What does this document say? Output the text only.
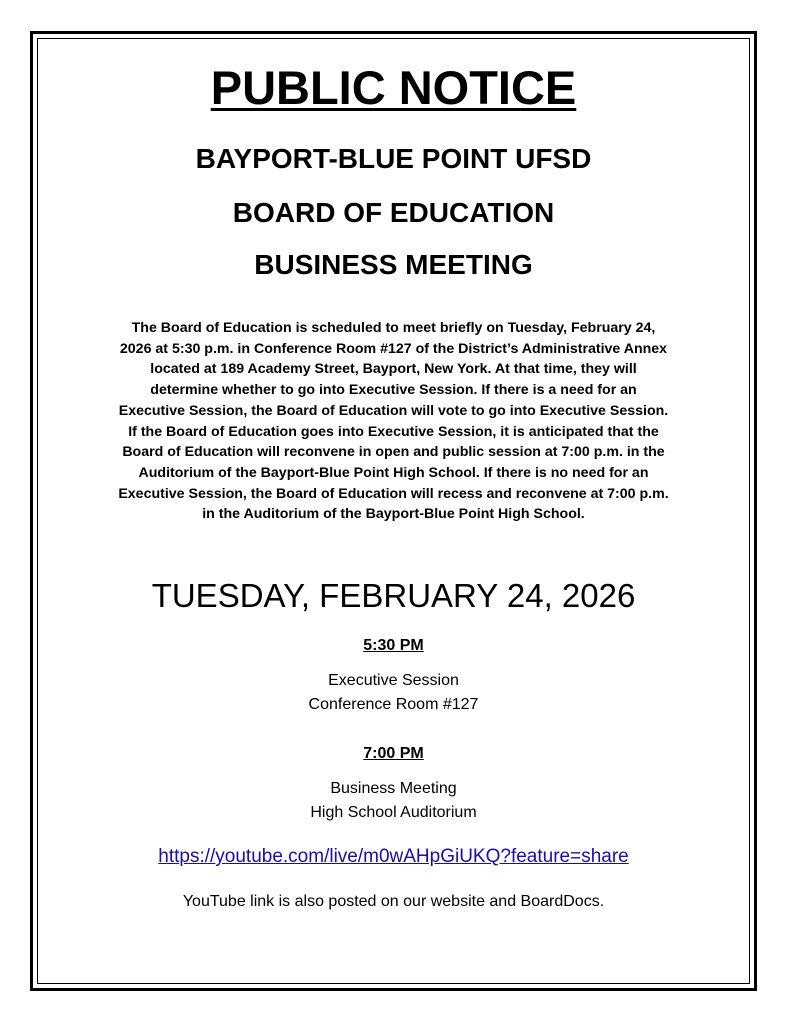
PUBLIC NOTICE
BAYPORT-BLUE POINT UFSD
BOARD OF EDUCATION
BUSINESS MEETING
The Board of Education is scheduled to meet briefly on Tuesday, February 24,
2026 at 5:30 p.m. in Conference Room #127 of the District’s Administrative Annex
located at 189 Academy Street, Bayport, New York. At that time, they will
determine whether to go into Executive Session. If there is a need for an
Executive Session, the Board of Education will vote to go into Executive Session.
If the Board of Education goes into Executive Session, it is anticipated that the
Board of Education will reconvene in open and public session at 7:00 p.m. in the
Auditorium of the Bayport-Blue Point High School. If there is no need for an
Executive Session, the Board of Education will recess and reconvene at 7:00 p.m.
in the Auditorium of the Bayport-Blue Point High School.
TUESDAY, FEBRUARY 24, 2026
5:30 PM
Executive Session
Conference Room #127
7:00 PM
Business Meeting
High School Auditorium
https://youtube.com/live/m0wAHpGiUKQ?feature=share
YouTube link is also posted on our website and BoardDocs.
